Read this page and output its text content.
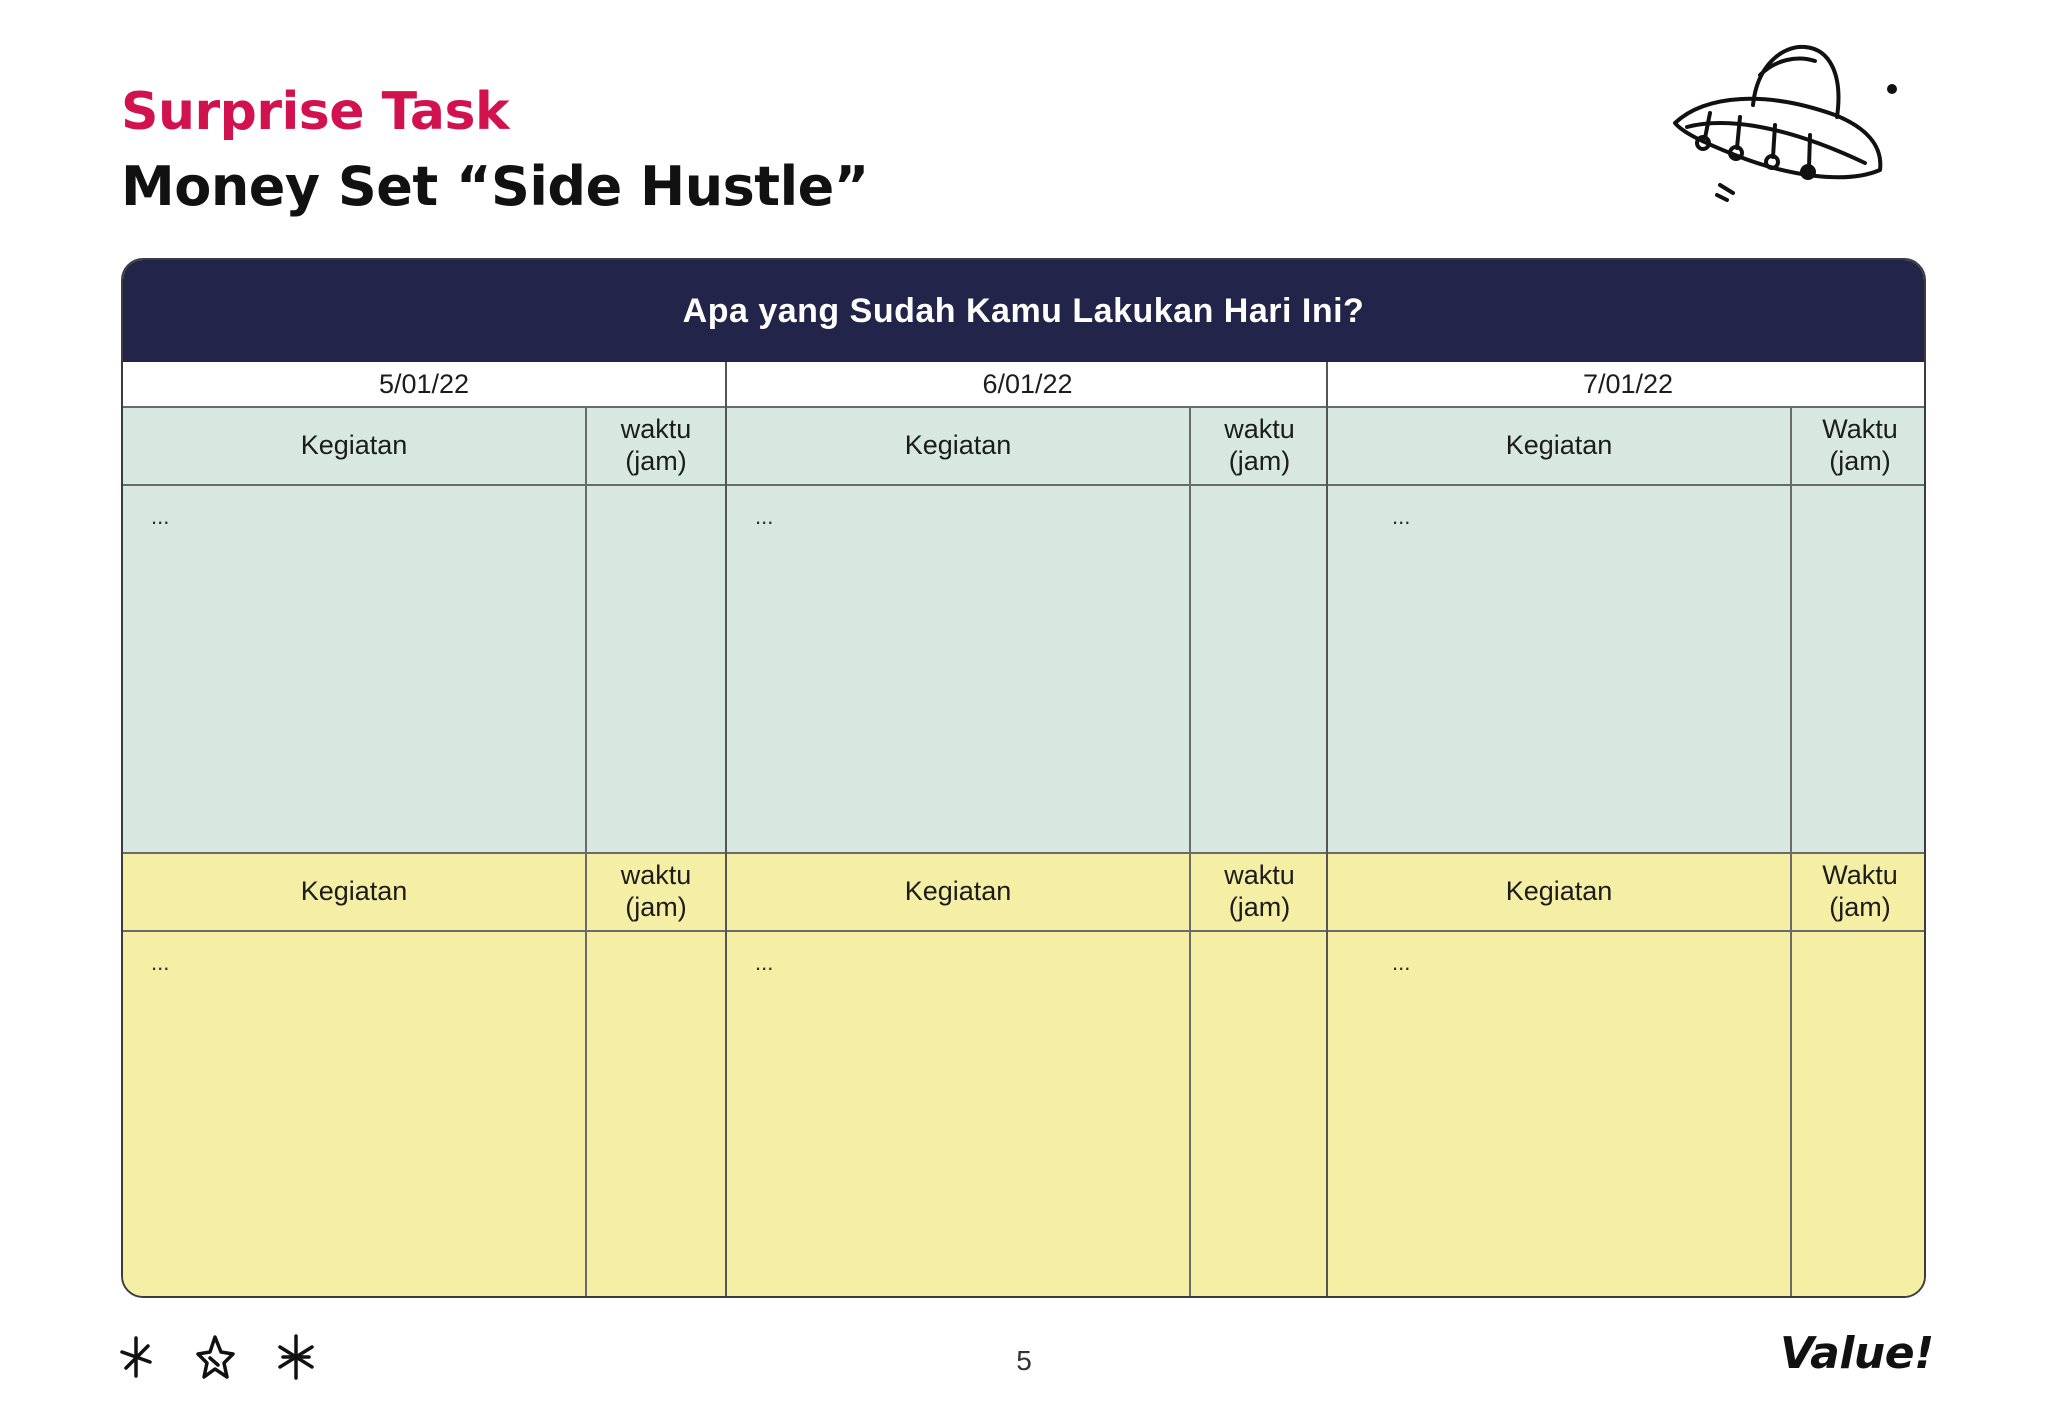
Surprise Task
Money Set “Side Hustle”
Apa yang Sudah Kamu Lakukan Hari Ini?
5/01/22
Kegiatan
waktu
(jam)
...
Kegiatan
waktu
(jam)
...
6/01/22
Kegiatan
waktu
(jam)
...
Kegiatan
waktu
(jam)
...
7/01/22
Kegiatan
Waktu
(jam)
...
Kegiatan
Waktu
(jam)
...
5	Value!
